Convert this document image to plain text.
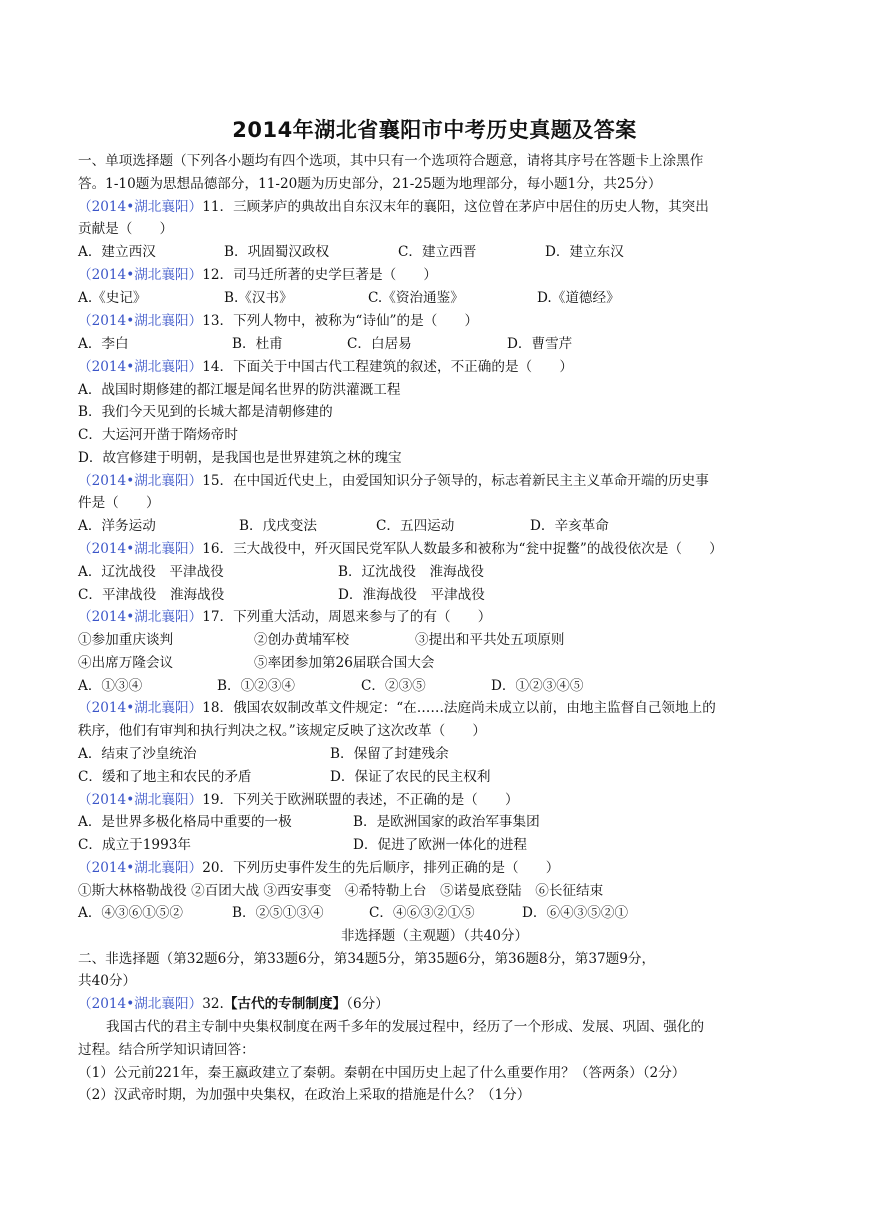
2014年湖北省襄阳市中考历史真题及答案
一、单项选择题（下列各小题均有四个选项，其中只有一个选项符合题意，请将其序号在答题卡上涂黑作
答。1-10题为思想品德部分，11-20题为历史部分，21-25题为地理部分，每小题1分，共25分）
（2014•湖北襄阳）11．三顾茅庐的典故出自东汉末年的襄阳，这位曾在茅庐中居住的历史人物，其突出
贡献是（　　）
A．建立西汉	B．巩固蜀汉政权	C．建立西晋	D．建立东汉
（2014•湖北襄阳）12．司马迁所著的史学巨著是（　　）
A.《史记》	B.《汉书》	C.《资治通鉴》	D.《道德经》
（2014•湖北襄阳）13．下列人物中，被称为“诗仙”的是（　　）
A．李白	B．杜甫	C．白居易	D．曹雪芹
（2014•湖北襄阳）14．下面关于中国古代工程建筑的叙述，不正确的是（　　）
A．战国时期修建的都江堰是闻名世界的防洪灌溉工程
B．我们今天见到的长城大都是清朝修建的
C．大运河开凿于隋炀帝时
D．故宫修建于明朝，是我国也是世界建筑之林的瑰宝
（2014•湖北襄阳）15．在中国近代史上，由爱国知识分子领导的，标志着新民主主义革命开端的历史事
件是（　　）
A．洋务运动	B．戊戌变法	C．五四运动	D．辛亥革命
（2014•湖北襄阳）16．三大战役中，歼灭国民党军队人数最多和被称为“瓮中捉鳖”的战役依次是（　　）
A．辽沈战役　平津战役	B．辽沈战役　淮海战役
C．平津战役　淮海战役	D．淮海战役　平津战役
（2014•湖北襄阳）17．下列重大活动，周恩来参与了的有（　　）
①参加重庆谈判	②创办黄埔军校	③提出和平共处五项原则
④出席万隆会议	⑤率团参加第26届联合国大会
A．①③④	B．①②③④	C．②③⑤	D．①②③④⑤
（2014•湖北襄阳）18．俄国农奴制改革文件规定：“在……法庭尚未成立以前，由地主监督自己领地上的
秩序，他们有审判和执行判决之权。”该规定反映了这次改革（　　）
A．结束了沙皇统治	B．保留了封建残余
C．缓和了地主和农民的矛盾	D．保证了农民的民主权利
（2014•湖北襄阳）19．下列关于欧洲联盟的表述，不正确的是（　　）
A．是世界多极化格局中重要的一极	B．是欧洲国家的政治军事集团
C．成立于1993年	D．促进了欧洲一体化的进程
（2014•湖北襄阳）20．下列历史事件发生的先后顺序，排列正确的是（　　）
①斯大林格勒战役 ②百团大战 ③西安事变　④希特勒上台　⑤诺曼底登陆　⑥长征结束
A．④③⑥①⑤②	B．②⑤①③④	C．④⑥③②①⑤	D．⑥④③⑤②①
非选择题（主观题）（共40分）
二、非选择题（第32题6分，第33题6分，第34题5分，第35题6分，第36题8分，第37题9分，
共40分）
（2014•湖北襄阳）32.【古代的专制制度】（6分）
我国古代的君主专制中央集权制度在两千多年的发展过程中，经历了一个形成、发展、巩固、强化的
过程。结合所学知识请回答：
（1）公元前221年，秦王嬴政建立了秦朝。秦朝在中国历史上起了什么重要作用？（答两条）（2分）
（2）汉武帝时期，为加强中央集权，在政治上采取的措施是什么？（1分）
